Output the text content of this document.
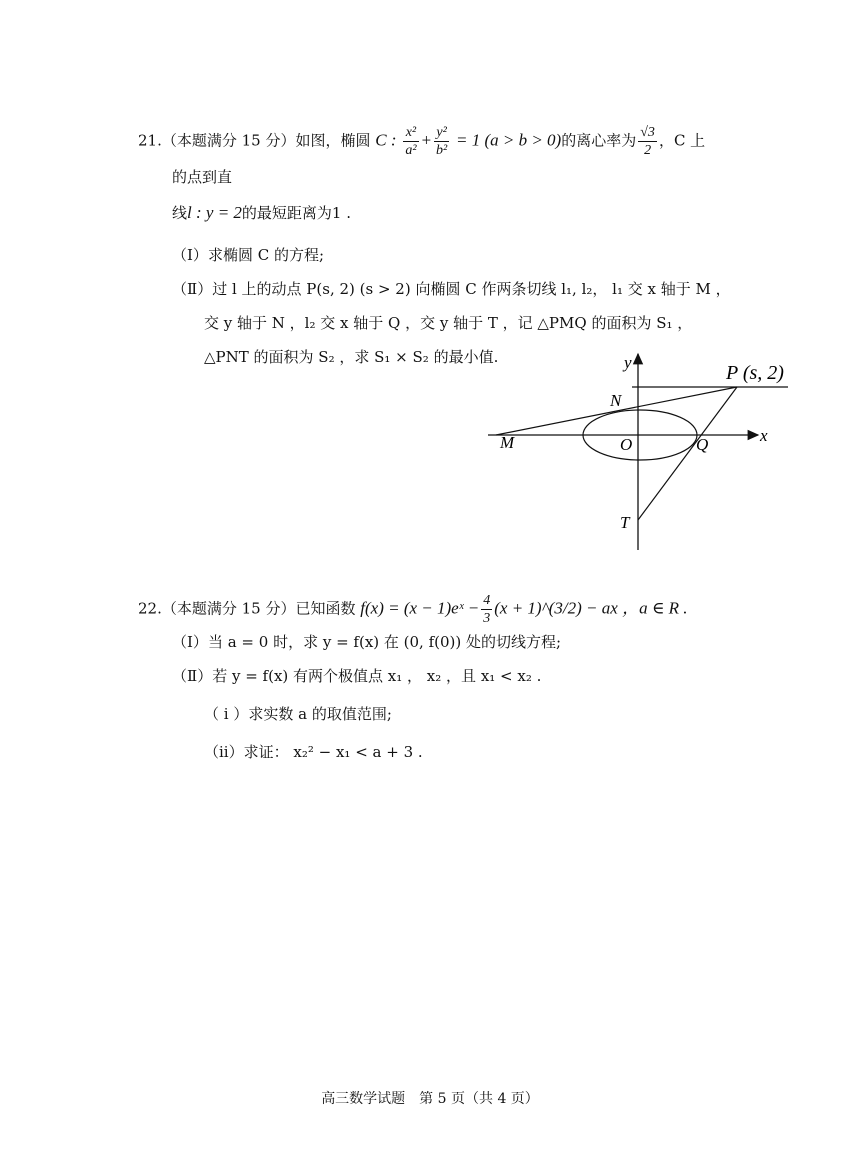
21.（本题满分 15 分）如图，椭圆 C : $\frac{\text{x²}}{\text{a²}} + \frac{\text{y²}}{\text{b²}} = 1$ (a > b > 0)的离心率为 $\frac{√3}{2}$ ，C 上
的点到直
线l : y = 2的最短距离为1 .
（Ⅰ）求椭圆 C 的方程;
（Ⅱ）过 l 上的动点 P(s, 2) (s > 2) 向椭圆 C 作两条切线 l₁, l₂， l₁ 交 x 轴于 M ，
交 y 轴于 N ，l₂ 交 x 轴于 Q ，交 y 轴于 T ，记 △PMQ 的面积为 S₁ ，
△PNT 的面积为 S₂ ，求 S₁ ⨯ S₂ 的最小值.	y
x
P (s, 2)
N
M	O	Q
T
22.（本题满分 15 分）已知函数 f(x) = (x − 1)eˣ − $\frac{4}{3} (x$ + 1)^(3/2) − ax ，a ∈ R .
（Ⅰ）当 a = 0 时，求 y = f(x) 在 (0, f(0)) 处的切线方程;
（Ⅱ）若 y = f(x) 有两个极值点 x₁ ， x₂ ，且 x₁ < x₂ .
（ i ）求实数 a 的取值范围;
（ii）求证： x₂² − x₁ < a + 3 .
高三数学试题　第 5 页（共 4 页）
